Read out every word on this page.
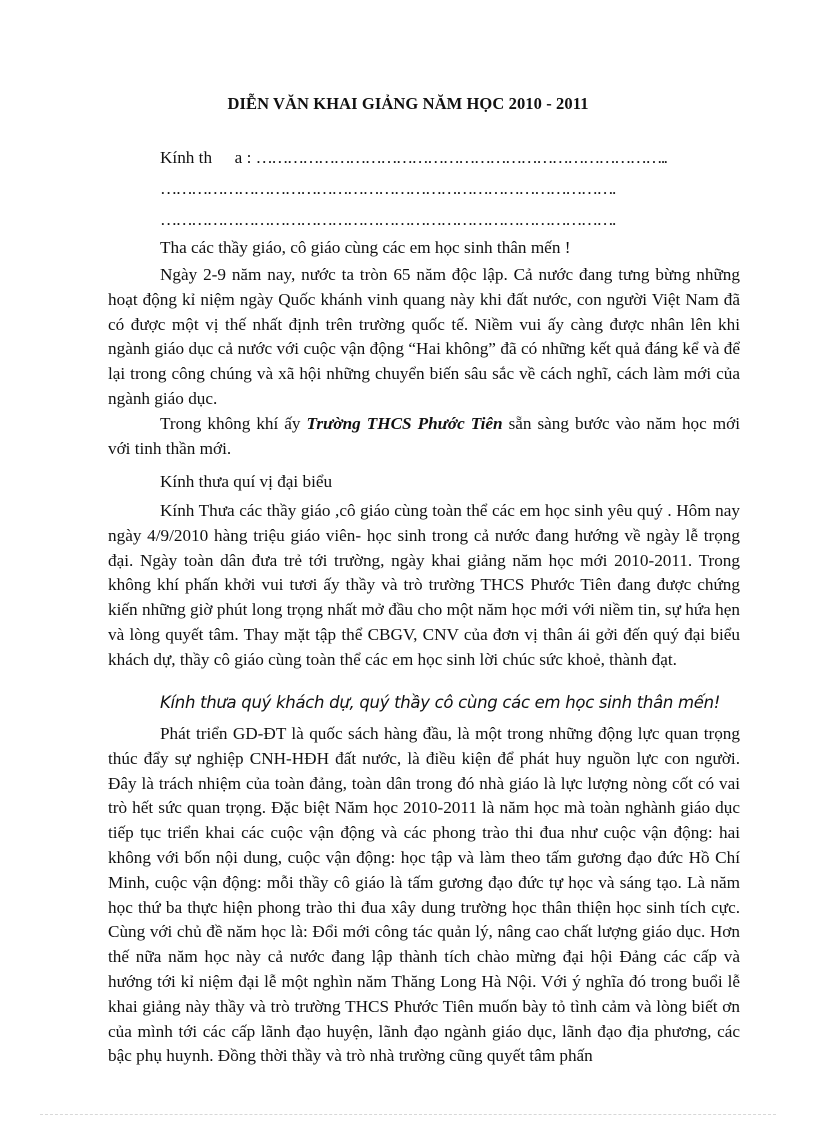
DIỄN VĂN KHAI GIẢNG NĂM HỌC 2010 - 2011
Kính th a : ……………………………………………………………………..
…………………………………………………………………………….
…………………………………………………………………………….
Tha các thầy giáo, cô giáo cùng các em học sinh thân mến !
Ngày 2-9 năm nay, nước ta tròn 65 năm độc lập. Cả nước đang tưng bừng những hoạt động kỉ niệm ngày Quốc khánh vinh quang này khi đất nước, con người Việt Nam đã có được một vị thế nhất định trên trường quốc tế. Niềm vui ấy càng được nhân lên khi ngành giáo dục cả nước với cuộc vận động “Hai không” đã có những kết quả đáng kể và để lại trong công chúng và xã hội những chuyển biến sâu sắc về cách nghĩ, cách làm mới của ngành giáo dục.
Trong không khí ấy Trường THCS Phước Tiên sẵn sàng bước vào năm học mới với tinh thần mới.
Kính thưa quí vị đại biểu
Kính Thưa các thầy giáo ,cô giáo cùng toàn thể các em học sinh yêu quý . Hôm nay ngày 4/9/2010 hàng triệu giáo viên- học sinh trong cả nước đang hướng về ngày lễ trọng đại. Ngày toàn dân đưa trẻ tới trường, ngày khai giảng năm học mới 2010-2011. Trong không khí phấn khởi vui tươi ấy thầy và trò trường THCS Phước Tiên đang được chứng kiến những giờ phút long trọng nhất mở đầu cho một năm học mới với niềm tin, sự hứa hẹn và lòng quyết tâm. Thay mặt tập thể CBGV, CNV của đơn vị thân ái gởi đến quý đại biểu khách dự, thầy cô giáo cùng toàn thể các em học sinh lời chúc sức khoẻ, thành đạt.
Kính thưa quý khách dự, quý thầy cô cùng các em học sinh thân mến!
Phát triển GD-ĐT là quốc sách hàng đầu, là một trong những động lực quan trọng thúc đẩy sự nghiệp CNH-HĐH đất nước, là điều kiện để phát huy nguồn lực con người. Đây là trách nhiệm của toàn đảng, toàn dân trong đó nhà giáo là lực lượng nòng cốt có vai trò hết sức quan trọng. Đặc biệt Năm học 2010-2011 là năm học mà toàn nghành giáo dục tiếp tục triển khai các cuộc vận động và các phong trào thi đua như cuộc vận động: hai không với bốn nội dung, cuộc vận động: học tập và làm theo tấm gương đạo đức Hồ Chí Minh, cuộc vận động: mỗi thầy cô giáo là tấm gương đạo đức tự học và sáng tạo. Là năm học thứ ba thực hiện phong trào thi đua xây dung trường học thân thiện học sinh tích cực. Cùng với chủ đề năm học là: Đổi mới công tác quản lý, nâng cao chất lượng giáo dục. Hơn thế nữa năm học này cả nước đang lập thành tích chào mừng đại hội Đảng các cấp và hướng tới kỉ niệm đại lễ một nghìn năm Thăng Long Hà Nội. Với ý nghĩa đó trong buổi lễ khai giảng này thầy và trò trường THCS Phước Tiên muốn bày tỏ tình cảm và lòng biết ơn của mình tới các cấp lãnh đạo huyện, lãnh đạo ngành giáo dục, lãnh đạo địa phương, các bậc phụ huynh. Đồng thời thầy và trò nhà trường cũng quyết tâm phấn
